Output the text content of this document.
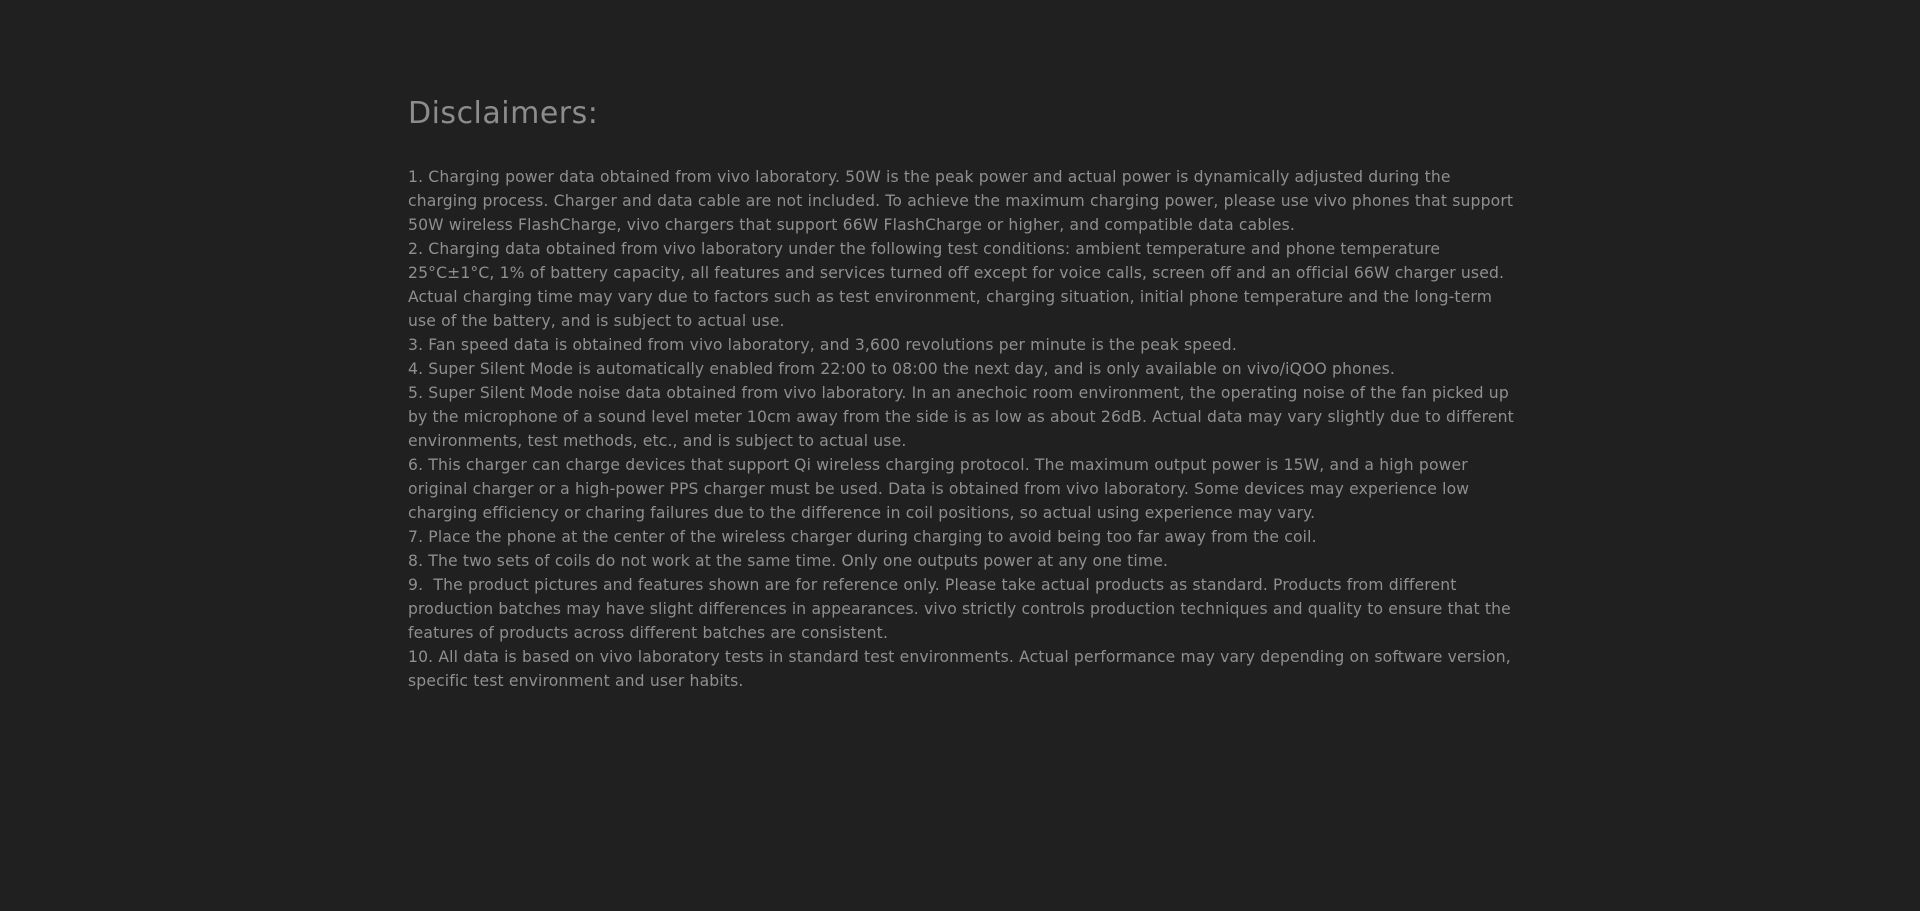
Disclaimers:
1. Charging power data obtained from vivo laboratory. 50W is the peak power and actual power is dynamically adjusted during the charging process. Charger and data cable are not included. To achieve the maximum charging power, please use vivo phones that support 50W wireless FlashCharge, vivo chargers that support 66W FlashCharge or higher, and compatible data cables.
2. Charging data obtained from vivo laboratory under the following test conditions: ambient temperature and phone temperature 25°C±1°C, 1% of battery capacity, all features and services turned off except for voice calls, screen off and an official 66W charger used. Actual charging time may vary due to factors such as test environment, charging situation, initial phone temperature and the long-term use of the battery, and is subject to actual use.
3. Fan speed data is obtained from vivo laboratory, and 3,600 revolutions per minute is the peak speed.
4. Super Silent Mode is automatically enabled from 22:00 to 08:00 the next day, and is only available on vivo/iQOO phones.
5. Super Silent Mode noise data obtained from vivo laboratory. In an anechoic room environment, the operating noise of the fan picked up by the microphone of a sound level meter 10cm away from the side is as low as about 26dB. Actual data may vary slightly due to different environments, test methods, etc., and is subject to actual use.
6. This charger can charge devices that support Qi wireless charging protocol. The maximum output power is 15W, and a high power original charger or a high-power PPS charger must be used. Data is obtained from vivo laboratory. Some devices may experience low charging efficiency or charing failures due to the difference in coil positions, so actual using experience may vary.
7. Place the phone at the center of the wireless charger during charging to avoid being too far away from the coil.
8. The two sets of coils do not work at the same time. Only one outputs power at any one time.
9.  The product pictures and features shown are for reference only. Please take actual products as standard. Products from different production batches may have slight differences in appearances. vivo strictly controls production techniques and quality to ensure that the features of products across different batches are consistent.
10. All data is based on vivo laboratory tests in standard test environments. Actual performance may vary depending on software version, specific test environment and user habits.
